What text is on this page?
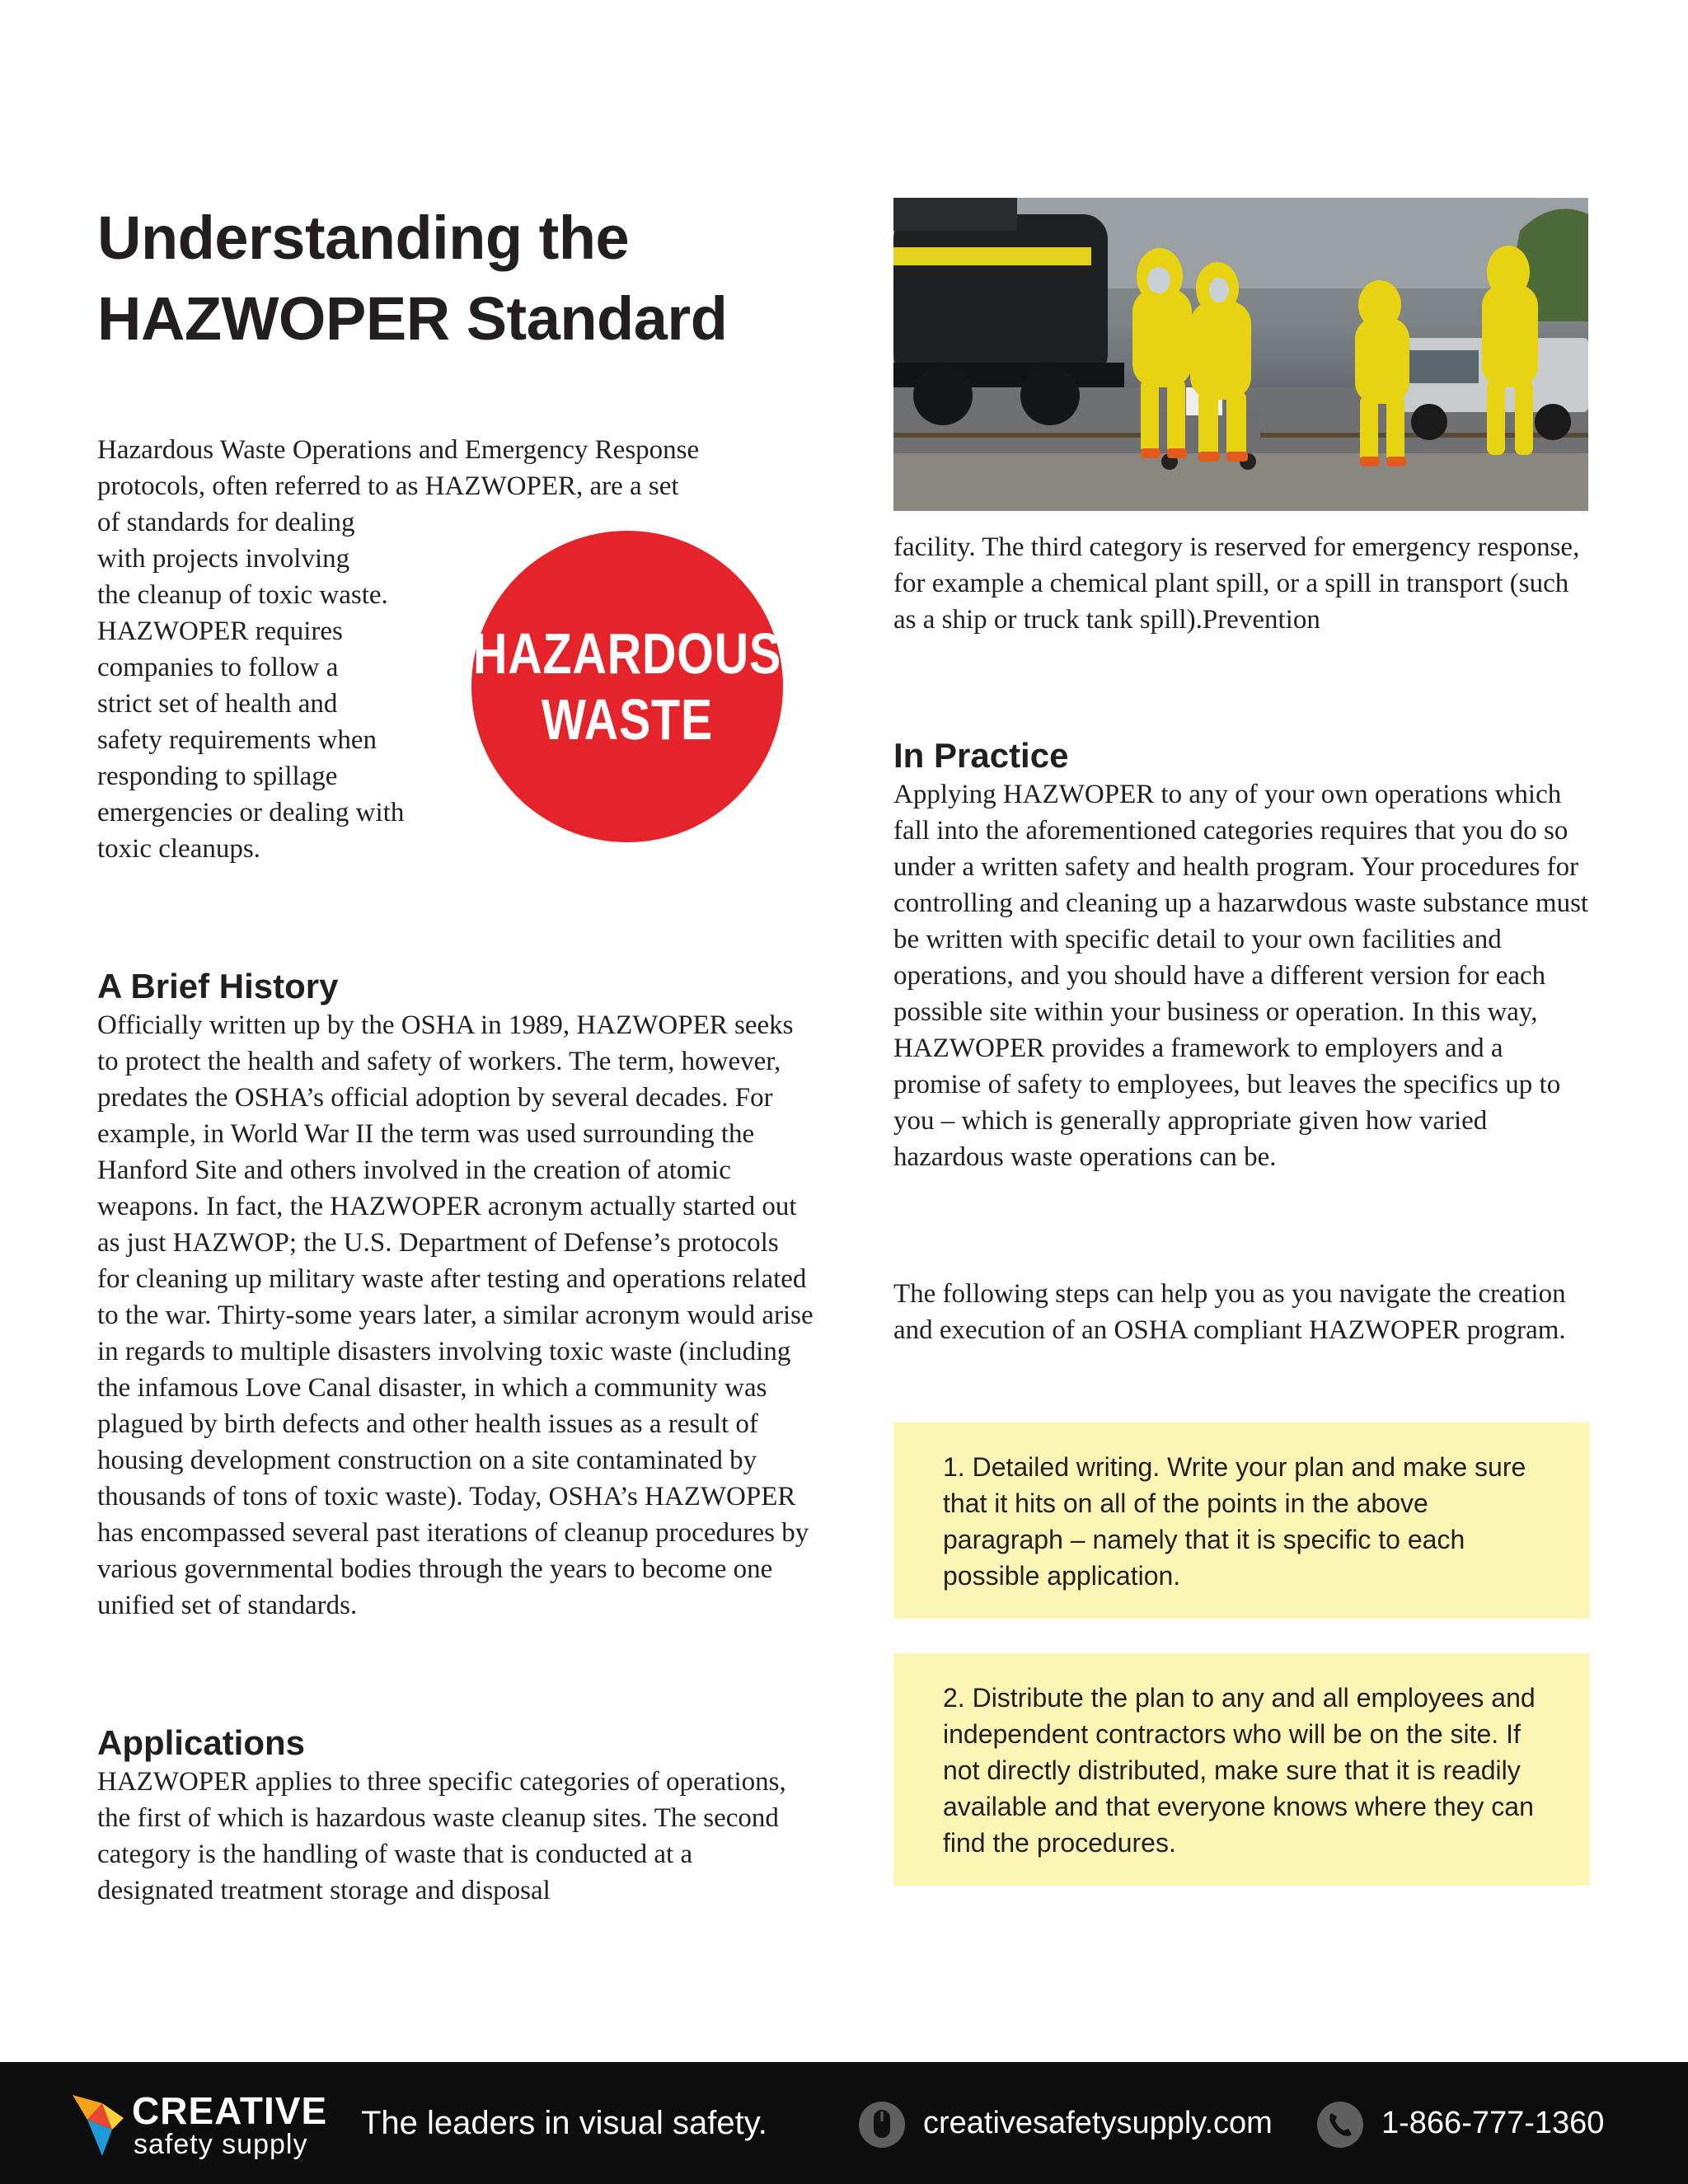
Understanding the
HAZWOPER Standard

Hazardous Waste Operations and Emergency Response
protocols, often referred to as HAZWOPER, are a set
of standards for dealing
with projects involving
the cleanup of toxic waste.
HAZWOPER requires
companies to follow a
strict set of health and
safety requirements when
responding to spillage
emergencies or dealing with
toxic cleanups.

HAZARDOUS
WASTE
A Brief History

Officially written up by the OSHA in 1989, HAZWOPER seeks to protect the health and safety of workers. The term, however, predates the OSHA’s official adoption by several decades. For example, in World War II the term was used surrounding the Hanford Site and others involved in the creation of atomic weapons. In fact, the HAZWOPER acronym actually started out as just HAZWOP; the U.S. Department of Defense’s protocols for cleaning up military waste after testing and operations related to the war. Thirty-some years later, a similar acronym would arise in regards to multiple disasters involving toxic waste (including the infamous Love Canal disaster, in which a community was plagued by birth defects and other health issues as a result of housing development construction on a site contaminated by thousands of tons of toxic waste). Today, OSHA’s HAZWOPER has encompassed several past iterations of cleanup procedures by various governmental bodies through the years to become one unified set of standards.

Applications

HAZWOPER applies to three specific categories of operations, the first of which is hazardous waste cleanup sites. The second category is the handling of waste that is conducted at a designated treatment storage and disposal

facility. The third category is reserved for emergency response, for example a chemical plant spill, or a spill in transport (such as a ship or truck tank spill).Prevention

In Practice

Applying HAZWOPER to any of your own operations which fall into the aforementioned categories requires that you do so under a written safety and health program. Your procedures for controlling and cleaning up a hazarwdous waste substance must be written with specific detail to your own facilities and operations, and you should have a different version for each possible site within your business or operation. In this way, HAZWOPER provides a framework to employers and a promise of safety to employees, but leaves the specifics up to you – which is generally appropriate given how varied hazardous waste operations can be.

The following steps can help you as you navigate the creation and execution of an OSHA compliant HAZWOPER program.

1. Detailed writing. Write your plan and make sure that it hits on all of the points in the above paragraph – namely that it is specific to each possible application.
2. Distribute the plan to any and all employees and independent contractors who will be on the site. If not directly distributed, make sure that it is readily available and that everyone knows where they can find the procedures.
CREATIVE
safety supply
The leaders in visual safety.	creativesafetysupply.com	1-866-777-1360
